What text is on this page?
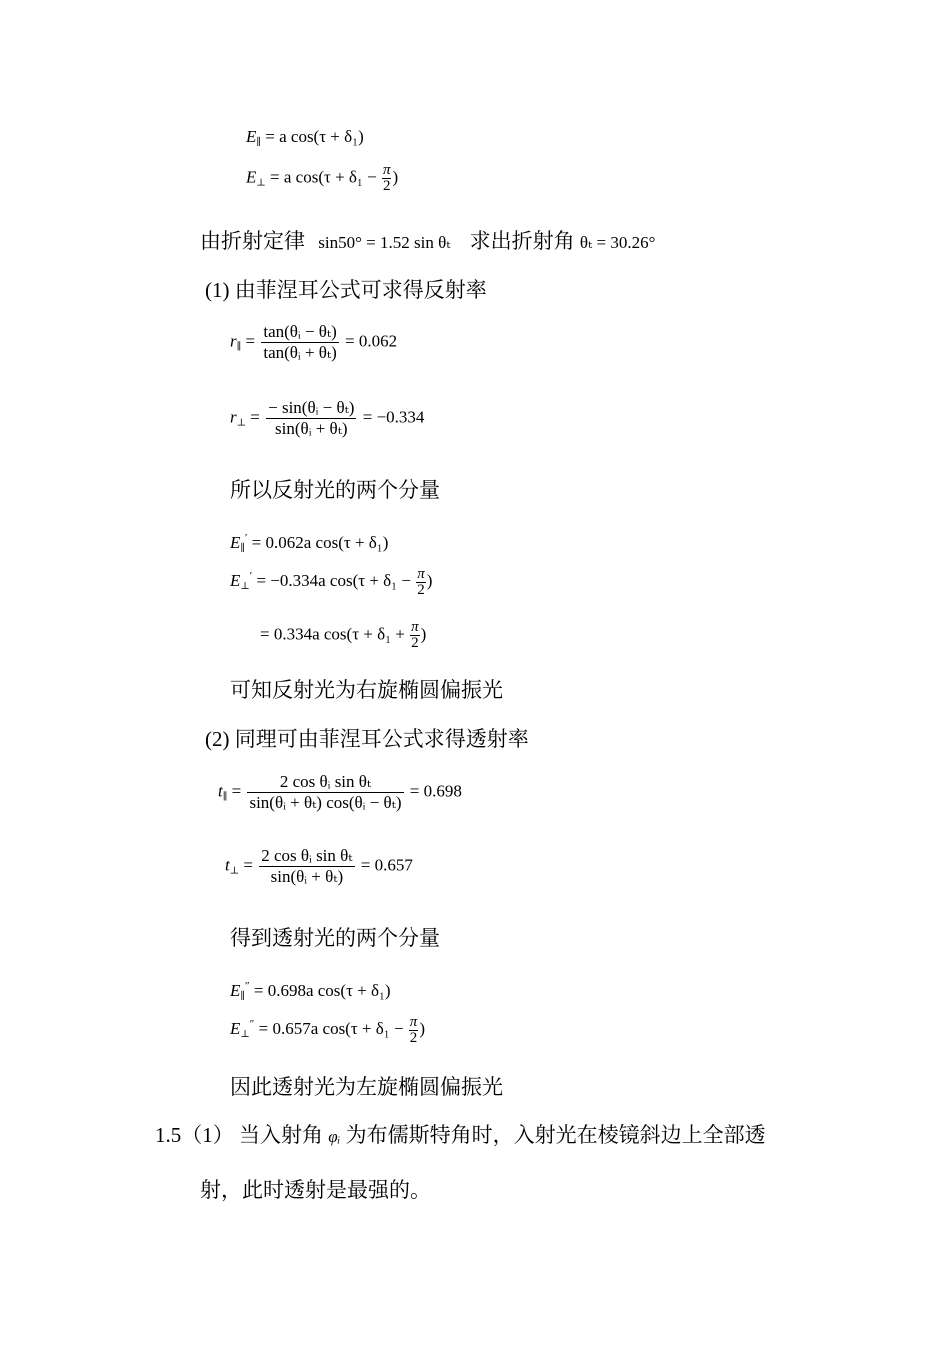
$E_\parallel = a$ cos(τ + δ₁)
$E_\perp = a$ $\cos(\tau + \delta_1 - \frac{\pi}{2}$ )
由折射定律 sin50° = 1.52 sin θₜ 求出折射角 θₜ = 30.26°
(1) 由菲涅耳公式可求得反射率
$r_\parallel = \frac{\text{tan(θᵢ − θₜ)}}{\text{tan(θᵢ + θₜ)}} = 0.062$
$r_\perp = \frac{\text{− sin(θᵢ − θₜ)}}{\text{sin(θᵢ + θₜ)}} = -0.334$
所以反射光的两个分量
$E_\parallel' = 0.062a$ cos(τ + δ₁)
$E_\perp' = -0.334a$ $\cos(\tau + \delta_1 - \frac{\pi}{2}$ )
= 0.334a $\cos(\tau + \delta_1 + \frac{\pi}{2}$ )
可知反射光为右旋椭圆偏振光
(2) 同理可由菲涅耳公式求得透射率
$t_\parallel = \frac{\text{2 cos θᵢ sin θₜ}}{\text{sin(θᵢ + θₜ) cos(θᵢ − θₜ)}} = 0.698$
$t_\perp = \frac{\text{2 cos θᵢ sin θₜ}}{\text{sin(θᵢ + θₜ)}} = 0.657$
得到透射光的两个分量
$E_\parallel'' = 0.698a$ cos(τ + δ₁)
$E_\perp'' = 0.657a$ $\cos(\tau + \delta_1 - \frac{\pi}{2}$ )
因此透射光为左旋椭圆偏振光
1.5（1） 当入射角 φᵢ 为布儒斯特角时，入射光在棱镜斜边上全部透
射，此时透射是最强的。
